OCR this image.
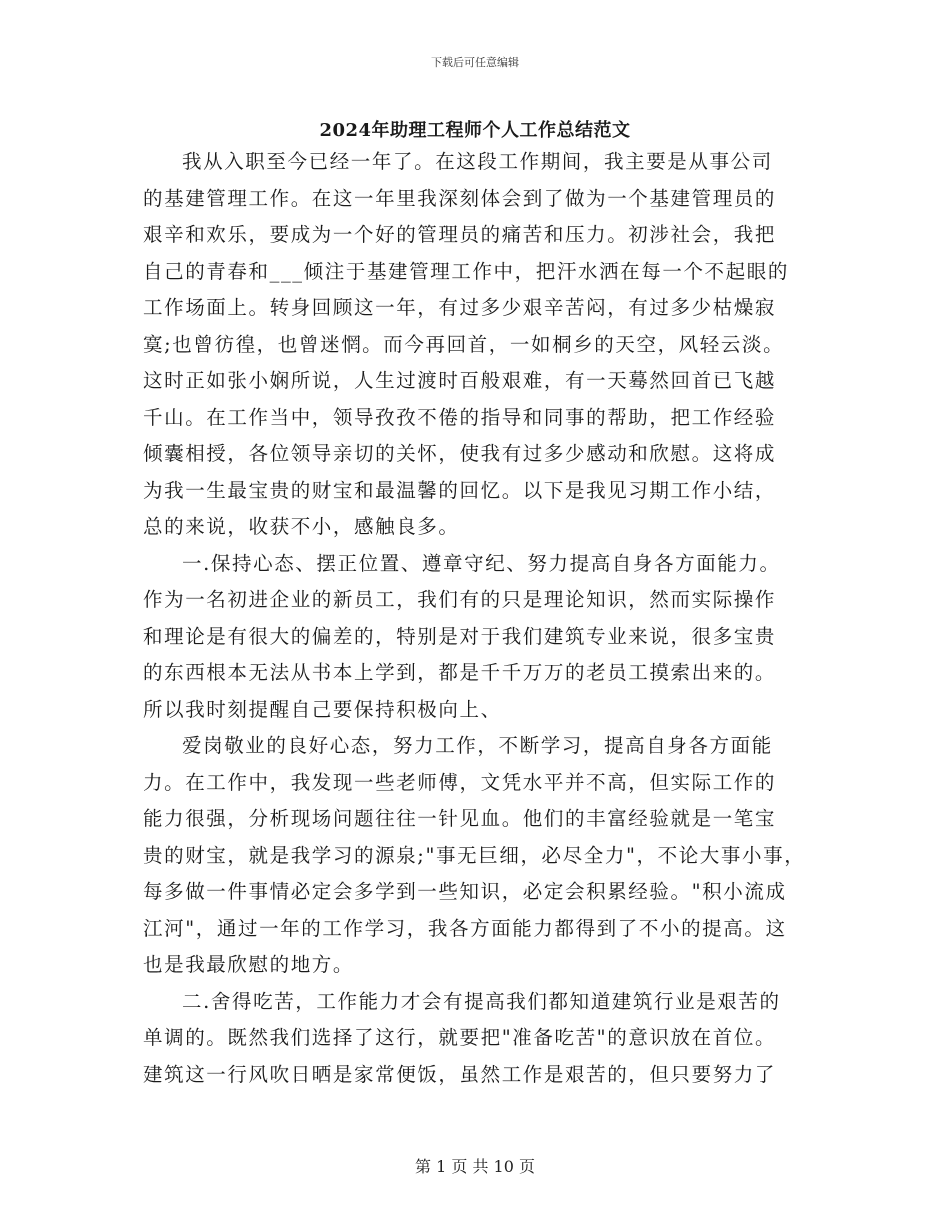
下载后可任意编辑
2024年助理工程师个人工作总结范文

我从入职至今已经一年了。在这段工作期间，我主要是从事公司
的基建管理工作。在这一年里我深刻体会到了做为一个基建管理员的
艰辛和欢乐，要成为一个好的管理员的痛苦和压力。初涉社会，我把
自己的青春和___倾注于基建管理工作中，把汗水洒在每一个不起眼的
工作场面上。转身回顾这一年，有过多少艰辛苦闷，有过多少枯燥寂
寞;也曾彷徨，也曾迷惘。而今再回首，一如桐乡的天空，风轻云淡。
这时正如张小娴所说，人生过渡时百般艰难，有一天蓦然回首已飞越
千山。在工作当中，领导孜孜不倦的指导和同事的帮助，把工作经验
倾囊相授，各位领导亲切的关怀，使我有过多少感动和欣慰。这将成
为我一生最宝贵的财宝和最温馨的回忆。以下是我见习期工作小结，
总的来说，收获不小，感触良多。

一.保持心态、摆正位置、遵章守纪、努力提高自身各方面能力。
作为一名初进企业的新员工，我们有的只是理论知识，然而实际操作
和理论是有很大的偏差的，特别是对于我们建筑专业来说，很多宝贵
的东西根本无法从书本上学到，都是千千万万的老员工摸索出来的。
所以我时刻提醒自己要保持积极向上、

爱岗敬业的良好心态，努力工作，不断学习，提高自身各方面能
力。在工作中，我发现一些老师傅，文凭水平并不高，但实际工作的
能力很强，分析现场问题往往一针见血。他们的丰富经验就是一笔宝
贵的财宝，就是我学习的源泉;"事无巨细，必尽全力"，不论大事小事，
每多做一件事情必定会多学到一些知识，必定会积累经验。"积小流成
江河"，通过一年的工作学习，我各方面能力都得到了不小的提高。这
也是我最欣慰的地方。

二.舍得吃苦，工作能力才会有提高我们都知道建筑行业是艰苦的
单调的。既然我们选择了这行，就要把"准备吃苦"的意识放在首位。
建筑这一行风吹日晒是家常便饭，虽然工作是艰苦的，但只要努力了

第 1 页 共 10 页
